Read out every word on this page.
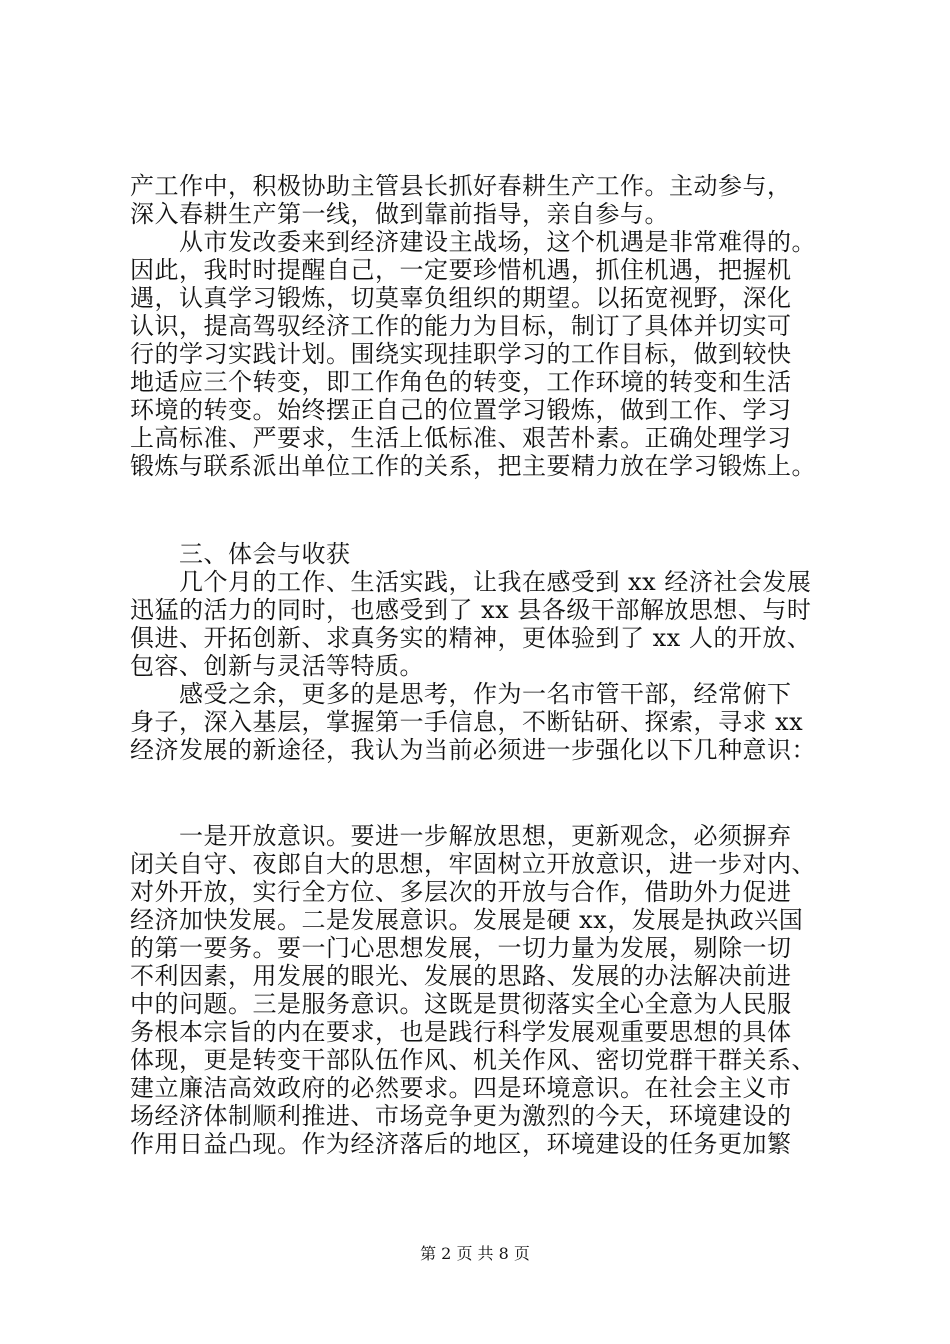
产工作中，积极协助主管县长抓好春耕生产工作。主动参与，
深入春耕生产第一线，做到靠前指导，亲自参与。
　　从市发改委来到经济建设主战场，这个机遇是非常难得的。
因此，我时时提醒自己，一定要珍惜机遇，抓住机遇，把握机
遇，认真学习锻炼，切莫辜负组织的期望。以拓宽视野，深化
认识，提高驾驭经济工作的能力为目标，制订了具体并切实可
行的学习实践计划。围绕实现挂职学习的工作目标，做到较快
地适应三个转变，即工作角色的转变，工作环境的转变和生活
环境的转变。始终摆正自己的位置学习锻炼，做到工作、学习
上高标准、严要求，生活上低标准、艰苦朴素。正确处理学习
锻炼与联系派出单位工作的关系，把主要精力放在学习锻炼上。
　　三、体会与收获
　　几个月的工作、生活实践，让我在感受到 xx 经济社会发展
迅猛的活力的同时，也感受到了 xx 县各级干部解放思想、与时
俱进、开拓创新、求真务实的精神，更体验到了 xx 人的开放、
包容、创新与灵活等特质。
　　感受之余，更多的是思考，作为一名市管干部，经常俯下
身子，深入基层，掌握第一手信息，不断钻研、探索，寻求 xx
经济发展的新途径，我认为当前必须进一步强化以下几种意识：
　　一是开放意识。要进一步解放思想，更新观念，必须摒弃
闭关自守、夜郎自大的思想，牢固树立开放意识，进一步对内、
对外开放，实行全方位、多层次的开放与合作，借助外力促进
经济加快发展。二是发展意识。发展是硬 xx，发展是执政兴国
的第一要务。要一门心思想发展，一切力量为发展，剔除一切
不利因素，用发展的眼光、发展的思路、发展的办法解决前进
中的问题。三是服务意识。这既是贯彻落实全心全意为人民服
务根本宗旨的内在要求，也是践行科学发展观重要思想的具体
体现，更是转变干部队伍作风、机关作风、密切党群干群关系、
建立廉洁高效政府的必然要求。四是环境意识。在社会主义市
场经济体制顺利推进、市场竞争更为激烈的今天，环境建设的
作用日益凸现。作为经济落后的地区，环境建设的任务更加繁
第 2 页 共 8 页
